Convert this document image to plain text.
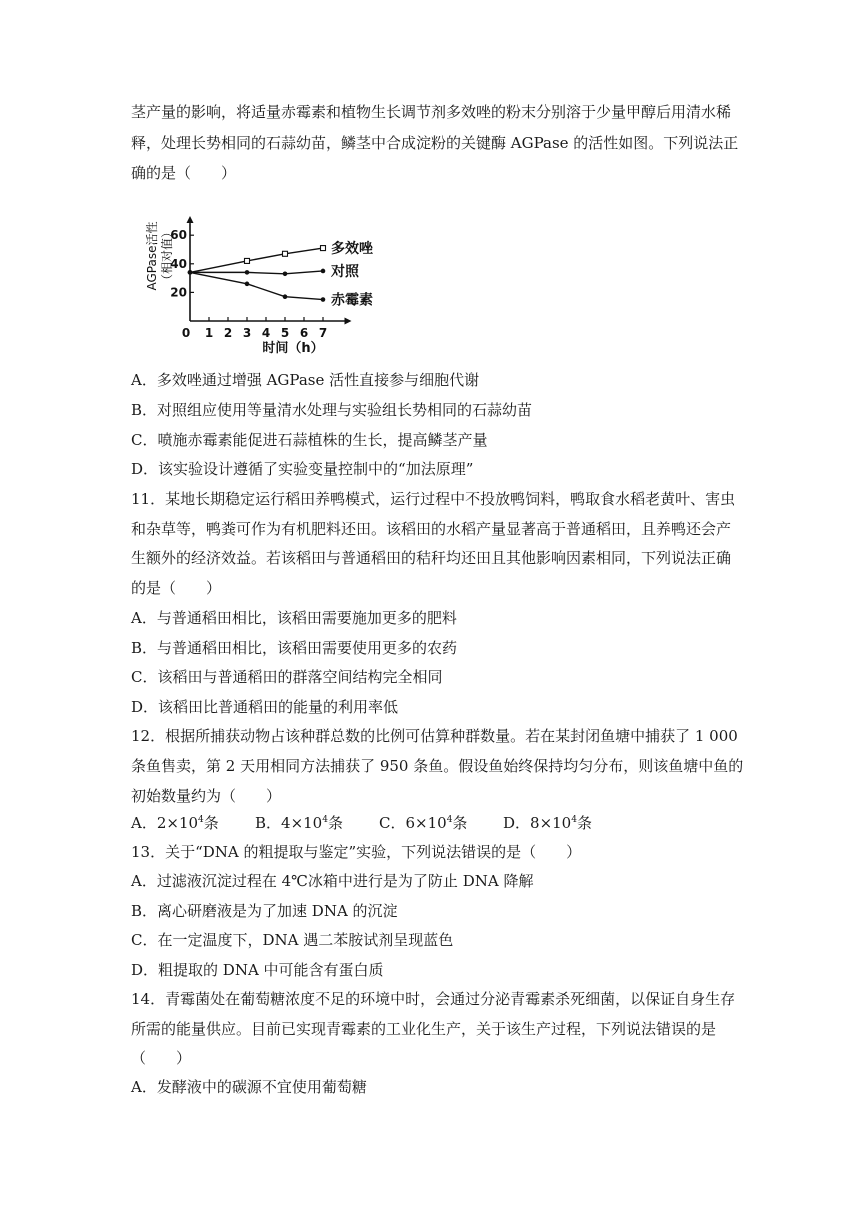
茎产量的影响，将适量赤霉素和植物生长调节剂多效唑的粉末分别溶于少量甲醇后用清水稀
释，处理长势相同的石蒜幼苗，鳞茎中合成淀粉的关键酶 AGPase 的活性如图。下列说法正
确的是（　　）
0 1 2 3 4 5 6 7
20
40
60
多效唑
对照
赤霉素
AGPase活性 （相对值）
时间（h）
A．多效唑通过增强 AGPase 活性直接参与细胞代谢
B．对照组应使用等量清水处理与实验组长势相同的石蒜幼苗
C．喷施赤霉素能促进石蒜植株的生长，提高鳞茎产量
D．该实验设计遵循了实验变量控制中的“加法原理”
11．某地长期稳定运行稻田养鸭模式，运行过程中不投放鸭饲料，鸭取食水稻老黄叶、害虫
和杂草等，鸭粪可作为有机肥料还田。该稻田的水稻产量显著高于普通稻田，且养鸭还会产
生额外的经济效益。若该稻田与普通稻田的秸秆均还田且其他影响因素相同，下列说法正确
的是（　　）
A．与普通稻田相比，该稻田需要施加更多的肥料
B．与普通稻田相比，该稻田需要使用更多的农药
C．该稻田与普通稻田的群落空间结构完全相同
D．该稻田比普通稻田的能量的利用率低
12．根据所捕获动物占该种群总数的比例可估算种群数量。若在某封闭鱼塘中捕获了 1 000
条鱼售卖，第 2 天用相同方法捕获了 950 条鱼。假设鱼始终保持均匀分布，则该鱼塘中鱼的
初始数量约为（　　）
A．$2\times 10^4$条 B．$4\times 10^4$条 C．$6\times 10^4$条 D．$8\times 10^4$条
13．关于“DNA 的粗提取与鉴定”实验，下列说法错误的是（　　）
A．过滤液沉淀过程在 4℃冰箱中进行是为了防止 DNA 降解
B．离心研磨液是为了加速 DNA 的沉淀
C．在一定温度下，DNA 遇二苯胺试剂呈现蓝色
D．粗提取的 DNA 中可能含有蛋白质
14．青霉菌处在葡萄糖浓度不足的环境中时，会通过分泌青霉素杀死细菌，以保证自身生存
所需的能量供应。目前已实现青霉素的工业化生产，关于该生产过程，下列说法错误的是
（　　）
A．发酵液中的碳源不宜使用葡萄糖
